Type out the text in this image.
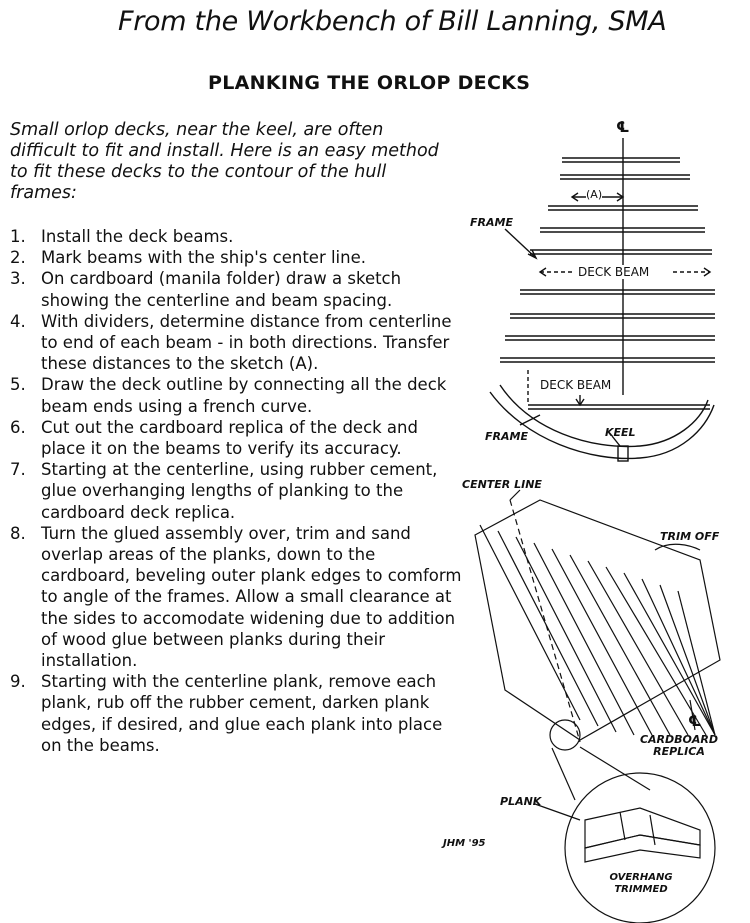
From the Workbench of Bill Lanning, SMA
PLANKING THE ORLOP DECKS
Small orlop decks, near the keel, are often difficult to fit and install. Here is an easy method to fit these decks to the contour of the hull frames:
1. Install the deck beams.
2. Mark beams with the ship's center line.
3. On cardboard (manila folder) draw a sketch showing the centerline and beam spacing.
4. With dividers, determine distance from centerline to end of each beam - in both directions. Transfer these distances to the sketch (A).
5. Draw the deck outline by connecting all the deck beam ends using a french curve.
6. Cut out the cardboard replica of the deck and place it on the beams to verify its accuracy.
7. Starting at the centerline, using rubber cement, glue overhanging lengths of planking to the cardboard deck replica.
8. Turn the glued assembly over, trim and sand overlap areas of the planks, down to the cardboard, beveling outer plank edges to comform to angle of the frames. Allow a small clearance at the sides to accomodate widening due to addition of wood glue between planks during their installation.
9. Starting with the centerline plank, remove each plank, rub off the rubber cement, darken plank edges, if desired, and glue each plank into place on the beams.
JHM '95
℄
(A)
FRAME
DECK BEAM
DECK BEAM
FRAME	KEEL
CENTER LINE
TRIM OFF
℄
CARDBOARD REPLICA
PLANK
OVERHANG TRIMMED
